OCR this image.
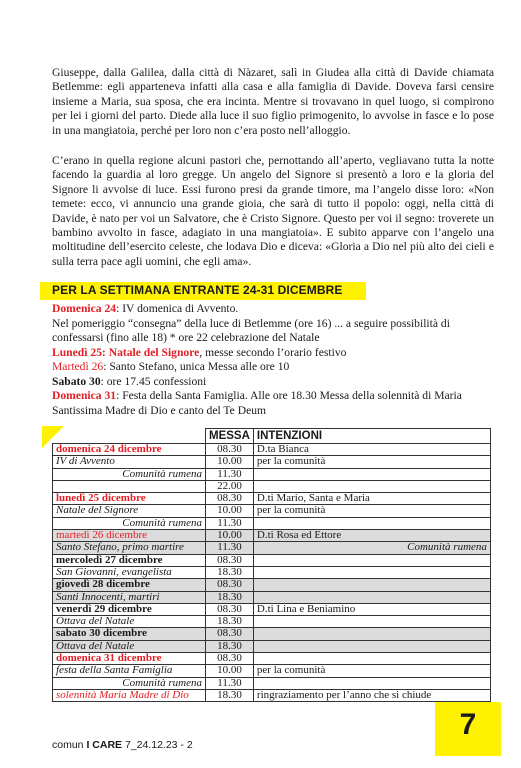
Giuseppe, dalla Galilea, dalla città di Nàzaret, salì in Giudea alla città di Davide chiamata Betlemme: egli apparteneva infatti alla casa e alla famiglia di Davide. Doveva farsi censire insieme a Maria, sua sposa, che era incinta. Mentre si trovavano in quel luogo, si compirono per lei i giorni del parto. Diede alla luce il suo figlio primogenito, lo avvolse in fasce e lo pose in una mangiatoia, perché per loro non c’era posto nell’alloggio.

C’erano in quella regione alcuni pastori che, pernottando all’aperto, vegliavano tutta la notte facendo la guardia al loro gregge. Un angelo del Signore si presentò a loro e la gloria del Signore li avvolse di luce. Essi furono presi da grande timore, ma l’angelo disse loro: «Non temete: ecco, vi annuncio una grande gioia, che sarà di tutto il popolo: oggi, nella città di Davide, è nato per voi un Salvatore, che è Cristo Signore. Questo per voi il segno: troverete un bambino avvolto in fasce, adagiato in una mangiatoia». E subito apparve con l’angelo una moltitudine dell’esercito celeste, che lodava Dio e diceva: «Gloria a Dio nel più alto dei cieli e sulla terra pace agli uomini, che egli ama».

PER LA SETTIMANA ENTRANTE 24-31 DICEMBRE

Domenica 24: IV domenica di Avvento.
Nel pomeriggio “consegna” della luce di Betlemme (ore 16) ... a seguire possibilità di confessarsi (fino alle 18) * ore 22 celebrazione del Natale
Lunedì 25: Natale del Signore, messe secondo l’orario festivo
Martedì 26: Santo Stefano, unica Messa alle ore 10
Sabato 30: ore 17.45 confessioni
Domenica 31: Festa della Santa Famiglia. Alle ore 18.30 Messa della solennità di Maria Santissima Madre di Dio e canto del Te Deum
	MESSA	INTENZIONI
domenica 24 dicembre	08.30	D.ta Bianca
IV di Avvento	10.00	per la comunità
Comunità rumena	11.30	
	22.00	
lunedì 25 dicembre	08.30	D.ti Mario, Santa e Maria
Natale del Signore	10.00	per la comunità
Comunità rumena	11.30	
martedì 26 dicembre	10.00	D.ti Rosa ed Ettore
Santo Stefano, primo martire	11.30	Comunità rumena
mercoledì 27 dicembre	08.30	
San Giovanni, evangelista	18.30	
giovedì 28 dicembre	08.30	
Santi Innocenti, martiri	18.30	
venerdì 29 dicembre	08.30	D.ti Lina e Beniamino
Ottava del Natale	18.30	
sabato 30 dicembre	08.30	
Ottava del Natale	18.30	
domenica 31 dicembre	08.30	
festa della Santa Famiglia	10.00	per la comunità
Comunità rumena	11.30	
solennità Maria Madre di Dio	18.30	ringraziamento per l’anno che si chiude
7

comun I CARE 7_24.12.23 - 2
